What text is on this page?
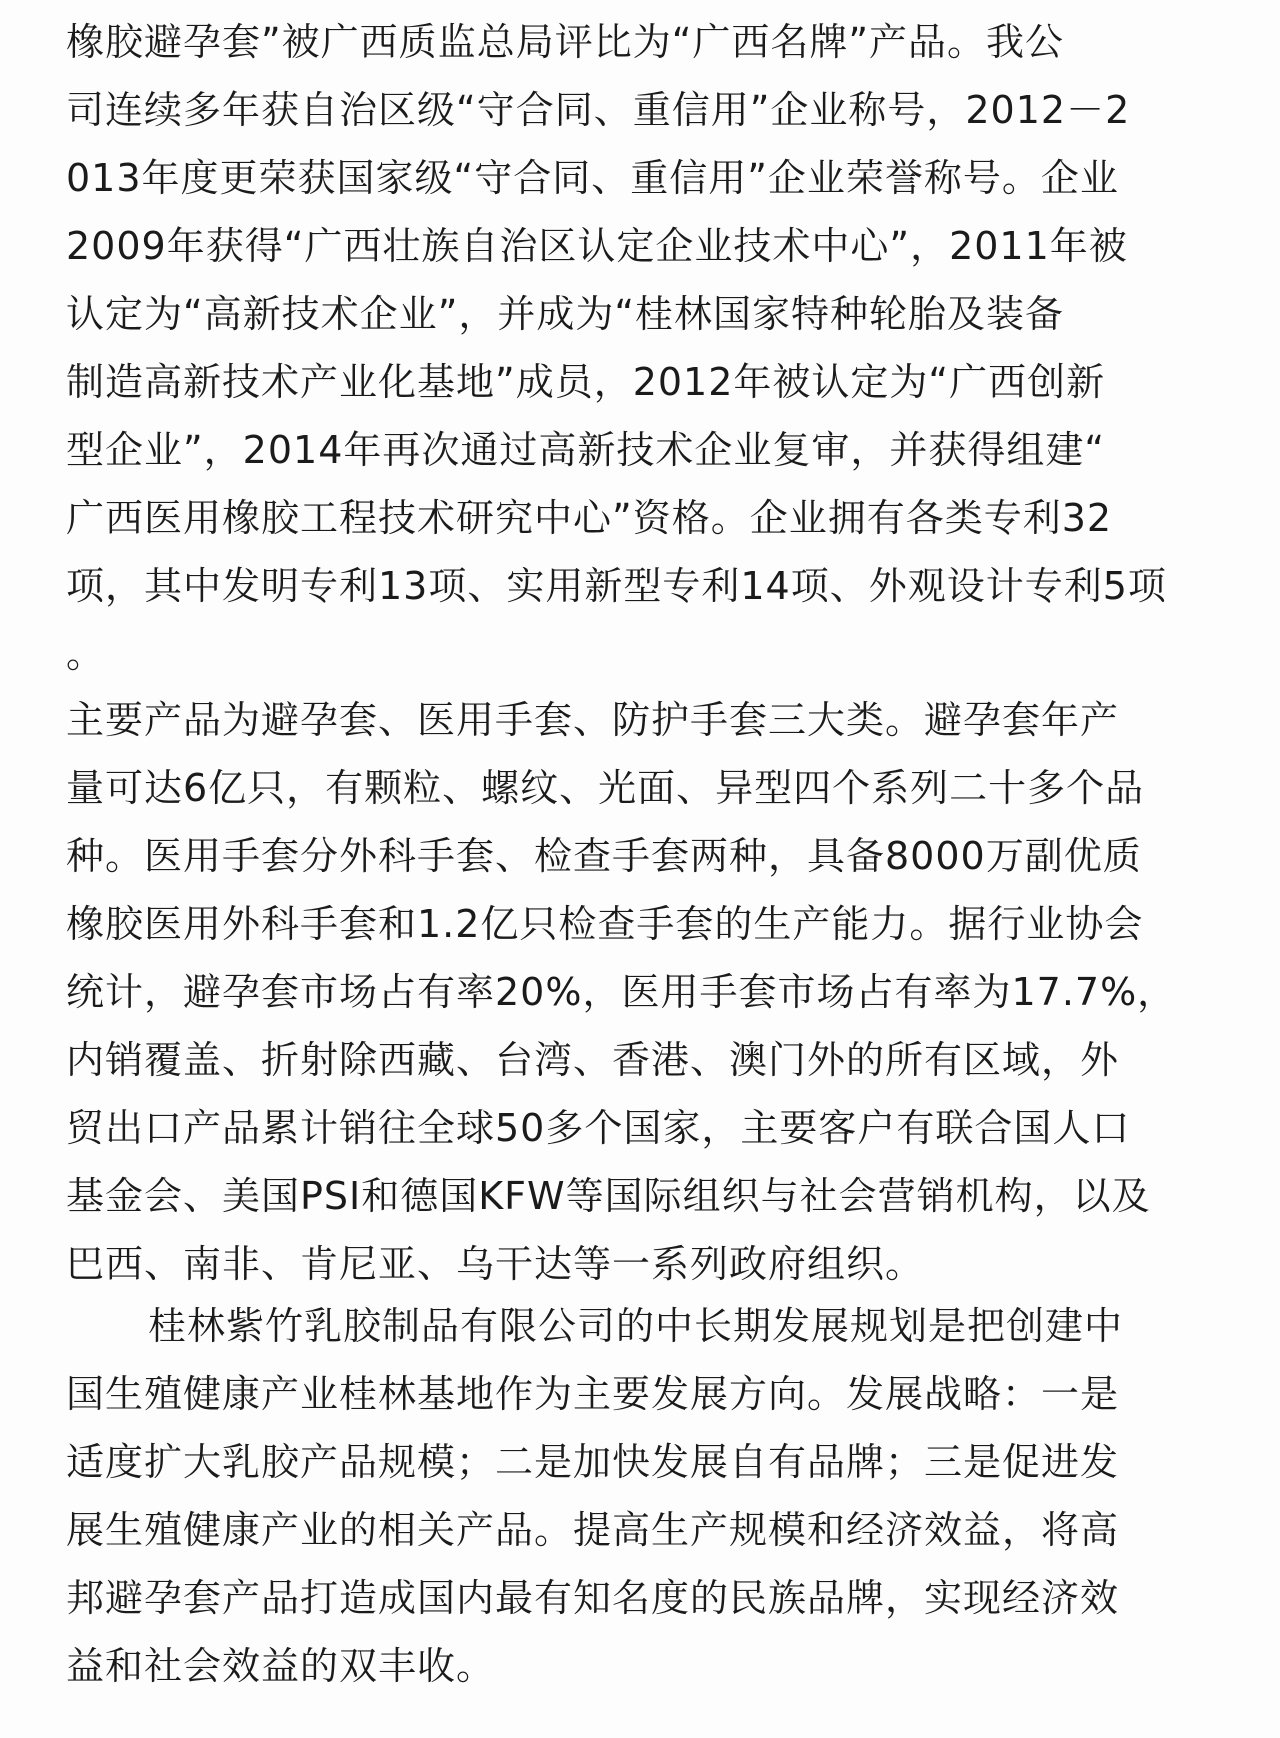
橡胶避孕套”被广西质监总局评比为“广西名牌”产品。我公
司连续多年获自治区级“守合同、重信用”企业称号，2012－2
013年度更荣获国家级“守合同、重信用”企业荣誉称号。企业
2009年获得“广西壮族自治区认定企业技术中心”，2011年被
认定为“高新技术企业”，并成为“桂林国家特种轮胎及装备
制造高新技术产业化基地”成员，2012年被认定为“广西创新
型企业”，2014年再次通过高新技术企业复审，并获得组建“
广西医用橡胶工程技术研究中心”资格。企业拥有各类专利32
项，其中发明专利13项、实用新型专利14项、外观设计专利5项
。
主要产品为避孕套、医用手套、防护手套三大类。避孕套年产
量可达6亿只，有颗粒、螺纹、光面、异型四个系列二十多个品
种。医用手套分外科手套、检查手套两种，具备8000万副优质
橡胶医用外科手套和1.2亿只检查手套的生产能力。据行业协会
统计，避孕套市场占有率20%，医用手套市场占有率为17.7%，
内销覆盖、折射除西藏、台湾、香港、澳门外的所有区域，外
贸出口产品累计销往全球50多个国家，主要客户有联合国人口
基金会、美国PSI和德国KFW等国际组织与社会营销机构，以及
巴西、南非、肯尼亚、乌干达等一系列政府组织。
桂林紫竹乳胶制品有限公司的中长期发展规划是把创建中
国生殖健康产业桂林基地作为主要发展方向。发展战略：一是
适度扩大乳胶产品规模；二是加快发展自有品牌；三是促进发
展生殖健康产业的相关产品。提高生产规模和经济效益，将高
邦避孕套产品打造成国内最有知名度的民族品牌，实现经济效
益和社会效益的双丰收。
